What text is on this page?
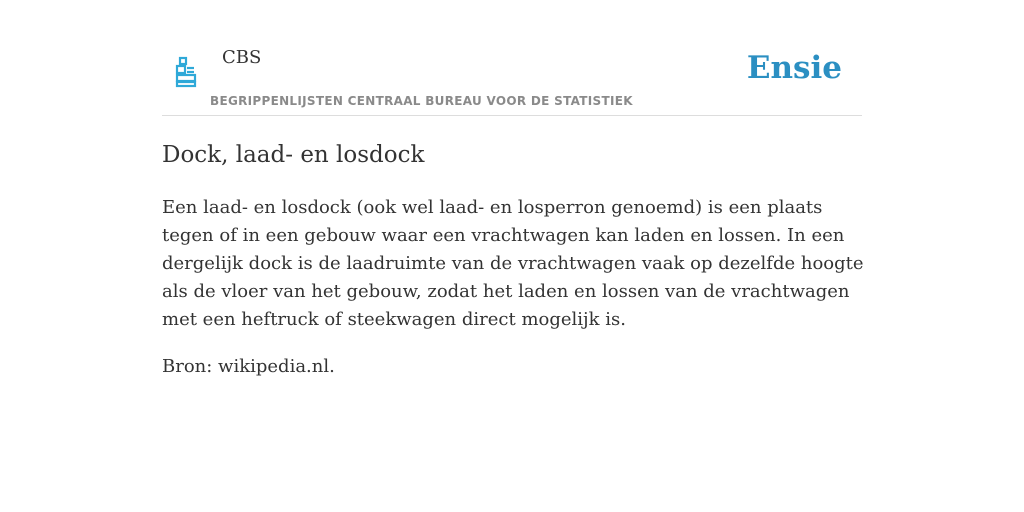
CBS
BEGRIPPENLIJSTEN CENTRAAL BUREAU VOOR DE STATISTIEK
Ensie
Dock, laad- en losdock

Een laad- en losdock (ook wel laad- en losperron genoemd) is een plaats tegen of in een gebouw waar een vrachtwagen kan laden en lossen. In een dergelijk dock is de laadruimte van de vrachtwagen vaak op dezelfde hoogte als de vloer van het gebouw, zodat het laden en lossen van de vrachtwagen met een heftruck of steekwagen direct mogelijk is.

Bron: wikipedia.nl.
